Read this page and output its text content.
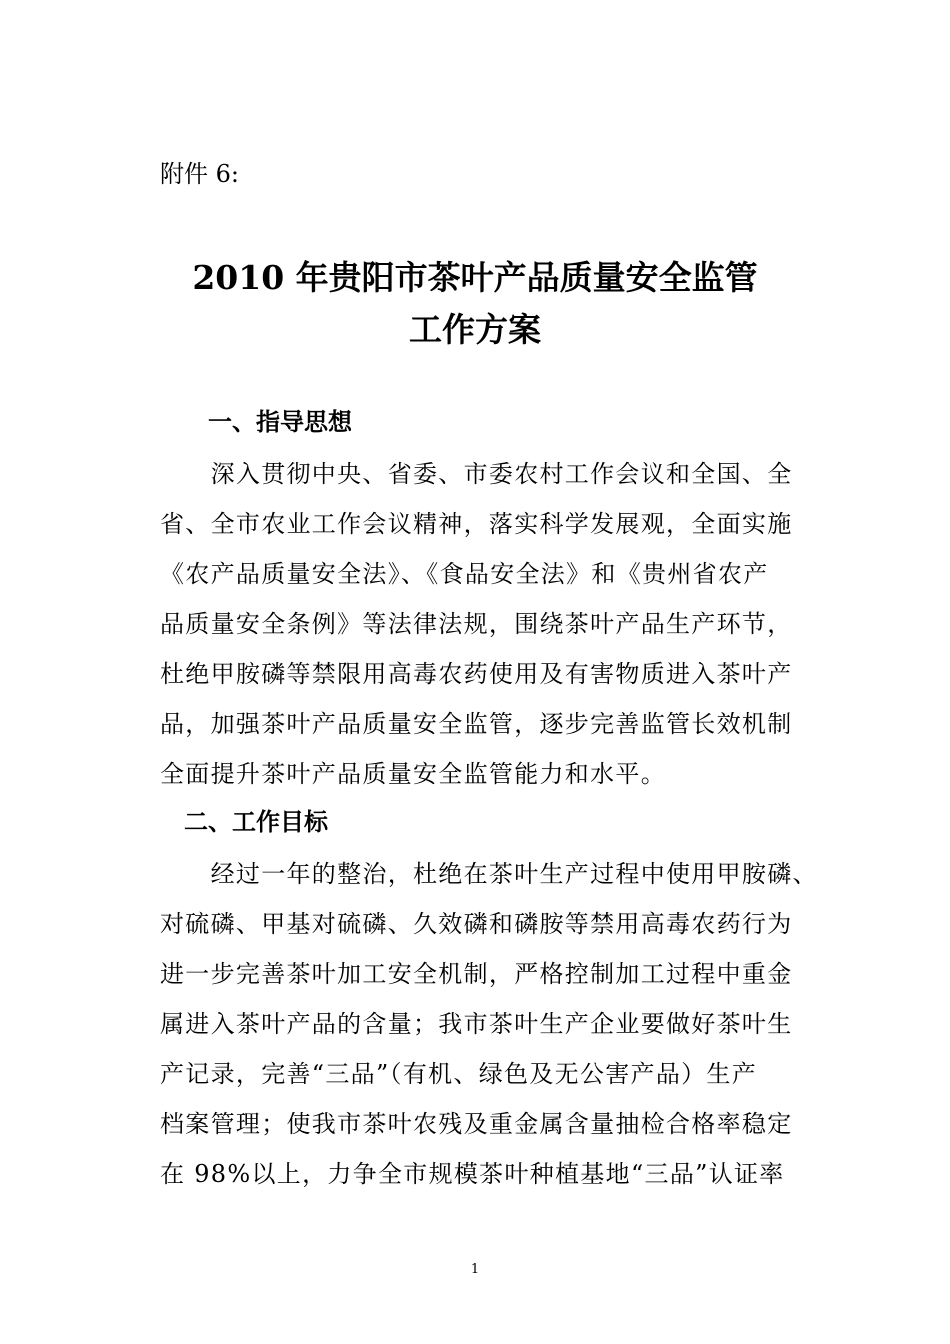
附件 6:
2010 年贵阳市茶叶产品质量安全监管
工作方案
一、指导思想
　　深入贯彻中央、省委、市委农村工作会议和全国、全
省、全市农业工作会议精神，落实科学发展观，全面实施
《农产品质量安全法》、《食品安全法》和《贵州省农产
品质量安全条例》等法律法规，围绕茶叶产品生产环节，
杜绝甲胺磷等禁限用高毒农药使用及有害物质进入茶叶产
品，加强茶叶产品质量安全监管，逐步完善监管长效机制
全面提升茶叶产品质量安全监管能力和水平。
二、工作目标
　　经过一年的整治，杜绝在茶叶生产过程中使用甲胺磷、
对硫磷、甲基对硫磷、久效磷和磷胺等禁用高毒农药行为
进一步完善茶叶加工安全机制，严格控制加工过程中重金
属进入茶叶产品的含量；我市茶叶生产企业要做好茶叶生
产记录，完善“三品”（有机、绿色及无公害产品）生产
档案管理；使我市茶叶农残及重金属含量抽检合格率稳定
在 98%以上，力争全市规模茶叶种植基地“三品”认证率
1
